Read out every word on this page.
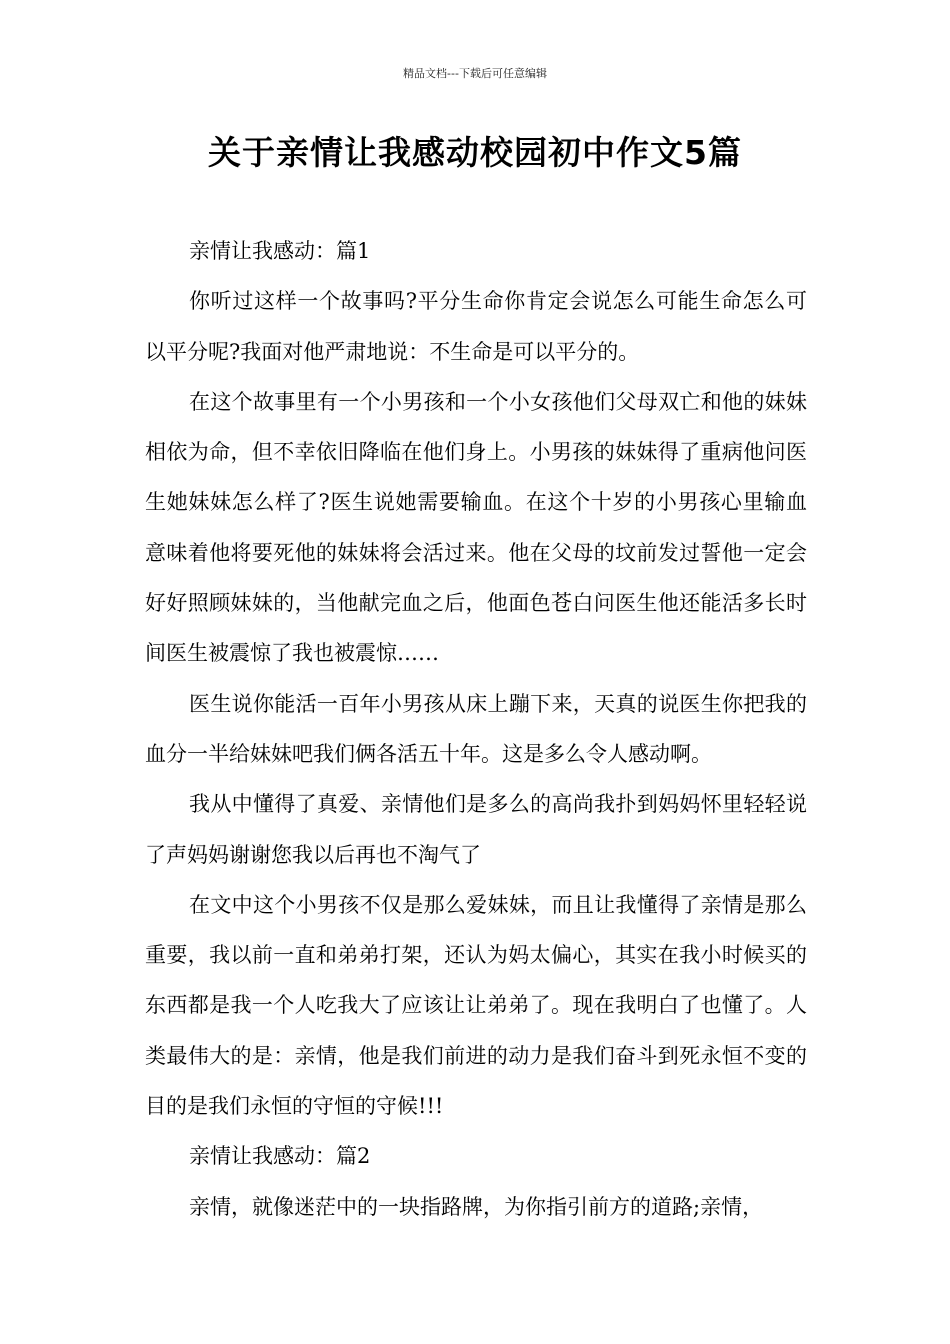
精品文档---下载后可任意编辑
关于亲情让我感动校园初中作文5篇

亲情让我感动：篇1

你听过这样一个故事吗?平分生命你肯定会说怎么可能生命怎么可以平分呢?我面对他严肃地说：不生命是可以平分的。

在这个故事里有一个小男孩和一个小女孩他们父母双亡和他的妹妹相依为命，但不幸依旧降临在他们身上。小男孩的妹妹得了重病他问医生她妹妹怎么样了?医生说她需要输血。在这个十岁的小男孩心里输血意味着他将要死他的妹妹将会活过来。他在父母的坟前发过誓他一定会好好照顾妹妹的，当他献完血之后，他面色苍白问医生他还能活多长时间医生被震惊了我也被震惊……

医生说你能活一百年小男孩从床上蹦下来，天真的说医生你把我的血分一半给妹妹吧我们俩各活五十年。这是多么令人感动啊。

我从中懂得了真爱、亲情他们是多么的高尚我扑到妈妈怀里轻轻说了声妈妈谢谢您我以后再也不淘气了

在文中这个小男孩不仅是那么爱妹妹，而且让我懂得了亲情是那么重要，我以前一直和弟弟打架，还认为妈太偏心，其实在我小时候买的东西都是我一个人吃我大了应该让让弟弟了。现在我明白了也懂了。人类最伟大的是：亲情，他是我们前进的动力是我们奋斗到死永恒不变的目的是我们永恒的守恒的守候!!!

亲情让我感动：篇2

亲情，就像迷茫中的一块指路牌，为你指引前方的道路;亲情，
